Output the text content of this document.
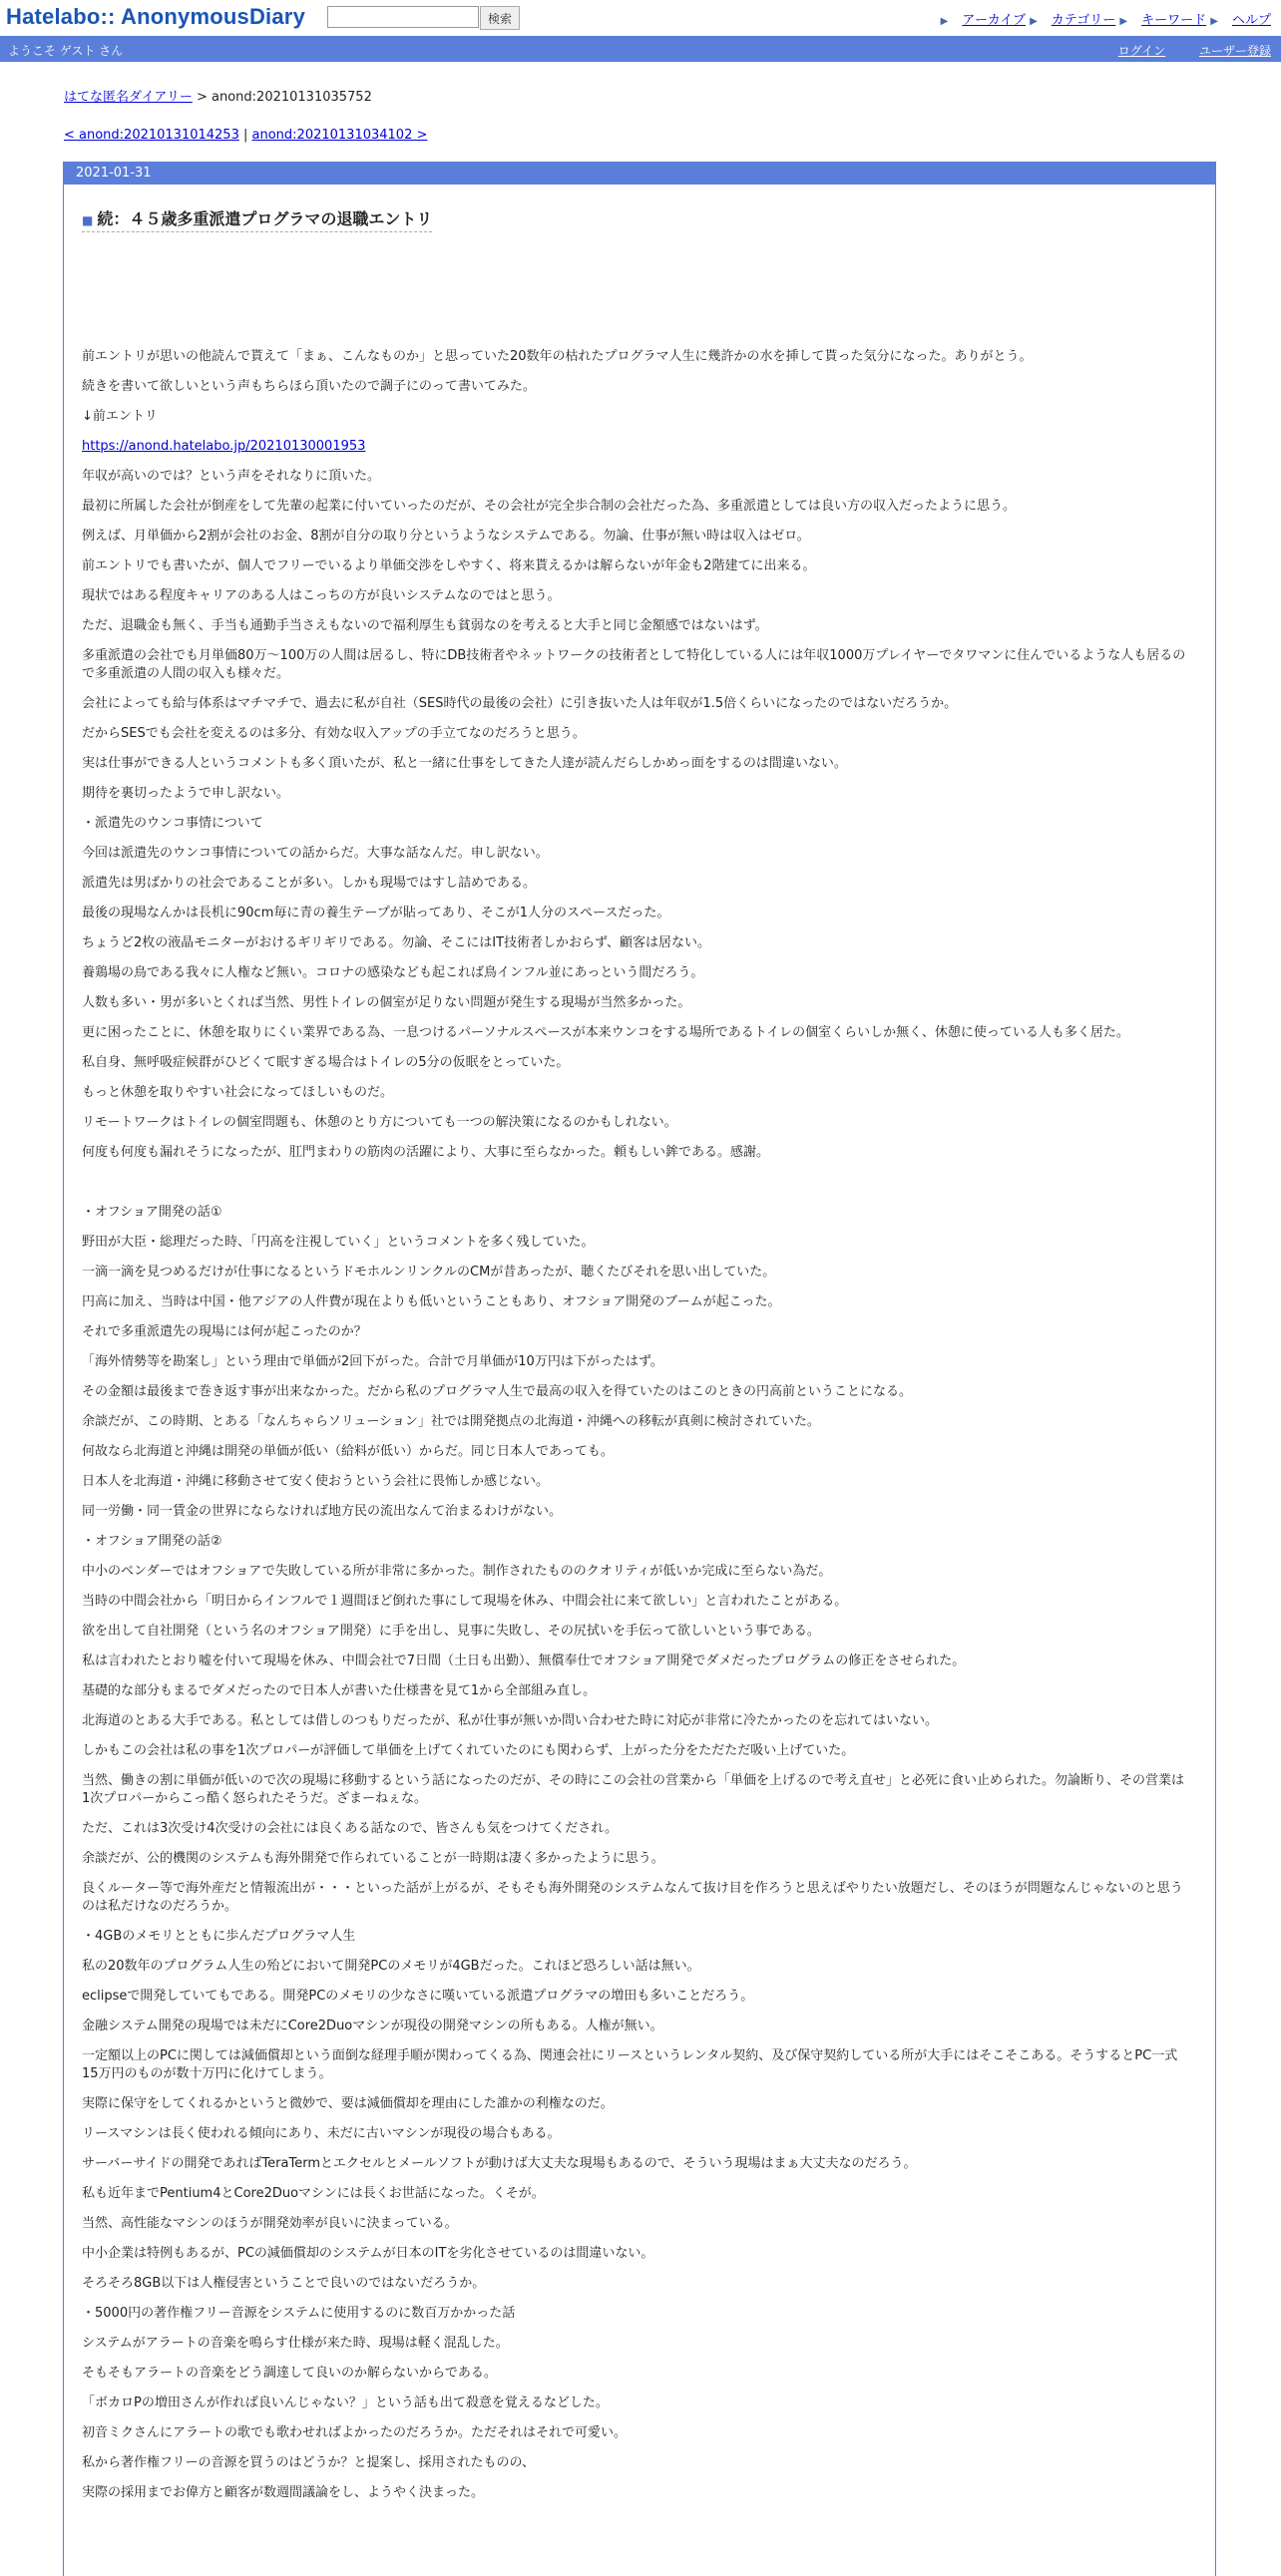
Hatelabo:: AnonymousDiary	検索	▶ アーカイブ ▶ カテゴリー ▶ キーワード ▶ ヘルプ
ようこそ ゲスト さん	ログイン	ユーザー登録
はてな匿名ダイアリー > anond:20210131035752
< anond:20210131014253 | anond:20210131034102 >
2021-01-31
■ 続：４５歳多重派遣プログラマの退職エントリ

前エントリが思いの他読んで貰えて「まぁ、こんなものか」と思っていた20数年の枯れたプログラマ人生に幾許かの水を挿して貰った気分になった。ありがとう。

続きを書いて欲しいという声もちらほら頂いたので調子にのって書いてみた。

↓前エントリ

https://anond.hatelabo.jp/20210130001953

年収が高いのでは？という声をそれなりに頂いた。

最初に所属した会社が倒産をして先輩の起業に付いていったのだが、その会社が完全歩合制の会社だった為、多重派遣としては良い方の収入だったように思う。

例えば、月単価から2割が会社のお金、8割が自分の取り分というようなシステムである。勿論、仕事が無い時は収入はゼロ。

前エントリでも書いたが、個人でフリーでいるより単価交渉をしやすく、将来貰えるかは解らないが年金も2階建てに出来る。

現状ではある程度キャリアのある人はこっちの方が良いシステムなのではと思う。

ただ、退職金も無く、手当も通勤手当さえもないので福利厚生も貧弱なのを考えると大手と同じ金額感ではないはず。

多重派遣の会社でも月単価80万～100万の人間は居るし、特にDB技術者やネットワークの技術者として特化している人には年収1000万プレイヤーでタワマンに住んでいるような人も居るので多重派遣の人間の収入も様々だ。

会社によっても給与体系はマチマチで、過去に私が自社（SES時代の最後の会社）に引き抜いた人は年収が1.5倍くらいになったのではないだろうか。

だからSESでも会社を変えるのは多分、有効な収入アップの手立てなのだろうと思う。

実は仕事ができる人というコメントも多く頂いたが、私と一緒に仕事をしてきた人達が読んだらしかめっ面をするのは間違いない。

期待を裏切ったようで申し訳ない。

・派遣先のウンコ事情について

今回は派遣先のウンコ事情についての話からだ。大事な話なんだ。申し訳ない。

派遣先は男ばかりの社会であることが多い。しかも現場ではすし詰めである。

最後の現場なんかは長机に90cm毎に青の養生テープが貼ってあり、そこが1人分のスペースだった。

ちょうど2枚の液晶モニターがおけるギリギリである。勿論、そこにはIT技術者しかおらず、顧客は居ない。

養鶏場の鳥である我々に人権など無い。コロナの感染なども起これば鳥インフル並にあっという間だろう。

人数も多い・男が多いとくれば当然、男性トイレの個室が足りない問題が発生する現場が当然多かった。

更に困ったことに、休憩を取りにくい業界である為、一息つけるパーソナルスペースが本来ウンコをする場所であるトイレの個室くらいしか無く、休憩に使っている人も多く居た。

私自身、無呼吸症候群がひどくて眠すぎる場合はトイレの5分の仮眠をとっていた。

もっと休憩を取りやすい社会になってほしいものだ。

リモートワークはトイレの個室問題も、休憩のとり方についても一つの解決策になるのかもしれない。

何度も何度も漏れそうになったが、肛門まわりの筋肉の活躍により、大事に至らなかった。頼もしい鉾である。感謝。

・オフショア開発の話①

野田が大臣・総理だった時、「円高を注視していく」というコメントを多く残していた。

一滴一滴を見つめるだけが仕事になるというドモホルンリンクルのCMが昔あったが、聴くたびそれを思い出していた。

円高に加え、当時は中国・他アジアの人件費が現在よりも低いということもあり、オフショア開発のブームが起こった。

それで多重派遣先の現場には何が起こったのか？

「海外情勢等を勘案し」という理由で単価が2回下がった。合計で月単価が10万円は下がったはず。

その金額は最後まで巻き返す事が出来なかった。だから私のプログラマ人生で最高の収入を得ていたのはこのときの円高前ということになる。

余談だが、この時期、とある「なんちゃらソリューション」社では開発拠点の北海道・沖縄への移転が真剣に検討されていた。

何故なら北海道と沖縄は開発の単価が低い（給料が低い）からだ。同じ日本人であっても。

日本人を北海道・沖縄に移動させて安く使おうという会社に畏怖しか感じない。

同一労働・同一賃金の世界にならなければ地方民の流出なんて治まるわけがない。

・オフショア開発の話②

中小のベンダーではオフショアで失敗している所が非常に多かった。制作されたもののクオリティが低いか完成に至らない為だ。

当時の中間会社から「明日からインフルで１週間ほど倒れた事にして現場を休み、中間会社に来て欲しい」と言われたことがある。

欲を出して自社開発（という名のオフショア開発）に手を出し、見事に失敗し、その尻拭いを手伝って欲しいという事である。

私は言われたとおり嘘を付いて現場を休み、中間会社で7日間（土日も出勤）、無償奉仕でオフショア開発でダメだったプログラムの修正をさせられた。

基礎的な部分もまるでダメだったので日本人が書いた仕様書を見て1から全部組み直し。

北海道のとある大手である。私としては借しのつもりだったが、私が仕事が無いか問い合わせた時に対応が非常に冷たかったのを忘れてはいない。

しかもこの会社は私の事を1次プロパーが評価して単価を上げてくれていたのにも関わらず、上がった分をただただ吸い上げていた。

当然、働きの割に単価が低いので次の現場に移動するという話になったのだが、その時にこの会社の営業から「単価を上げるので考え直せ」と必死に食い止められた。勿論断り、その営業は1次プロパーからこっ酷く怒られたそうだ。ざまーねぇな。

ただ、これは3次受け4次受けの会社には良くある話なので、皆さんも気をつけてくだされ。

余談だが、公的機関のシステムも海外開発で作られていることが一時期は凄く多かったように思う。

良くルーター等で海外産だと情報流出が・・・といった話が上がるが、そもそも海外開発のシステムなんて抜け目を作ろうと思えばやりたい放題だし、そのほうが問題なんじゃないのと思うのは私だけなのだろうか。

・4GBのメモリとともに歩んだプログラマ人生

私の20数年のプログラム人生の殆どにおいて開発PCのメモリが4GBだった。これほど恐ろしい話は無い。

eclipseで開発していてもである。開発PCのメモリの少なさに嘆いている派遣プログラマの増田も多いことだろう。

金融システム開発の現場では未だにCore2Duoマシンが現役の開発マシンの所もある。人権が無い。

一定額以上のPCに関しては減価償却という面倒な経理手順が関わってくる為、関連会社にリースというレンタル契約、及び保守契約している所が大手にはそこそこある。そうするとPC一式15万円のものが数十万円に化けてしまう。

実際に保守をしてくれるかというと微妙で、要は減価償却を理由にした誰かの利権なのだ。

リースマシンは長く使われる傾向にあり、未だに古いマシンが現役の場合もある。

サーバーサイドの開発であればTeraTermとエクセルとメールソフトが動けば大丈夫な現場もあるので、そういう現場はまぁ大丈夫なのだろう。

私も近年までPentium4とCore2Duoマシンには長くお世話になった。くそが。

当然、高性能なマシンのほうが開発効率が良いに決まっている。

中小企業は特例もあるが、PCの減価償却のシステムが日本のITを劣化させているのは間違いない。

そろそろ8GB以下は人権侵害ということで良いのではないだろうか。

・5000円の著作権フリー音源をシステムに使用するのに数百万かかった話

システムがアラートの音楽を鳴らす仕様が来た時、現場は軽く混乱した。

そもそもアラートの音楽をどう調達して良いのか解らないからである。

「ボカロPの増田さんが作れば良いんじゃない？」という話も出て殺意を覚えるなどした。

初音ミクさんにアラートの歌でも歌わせればよかったのだろうか。ただそれはそれで可愛い。

私から著作権フリーの音源を買うのはどうか？と提案し、採用されたものの、

実際の採用までお偉方と顧客が数週間議論をし、ようやく決まった。
